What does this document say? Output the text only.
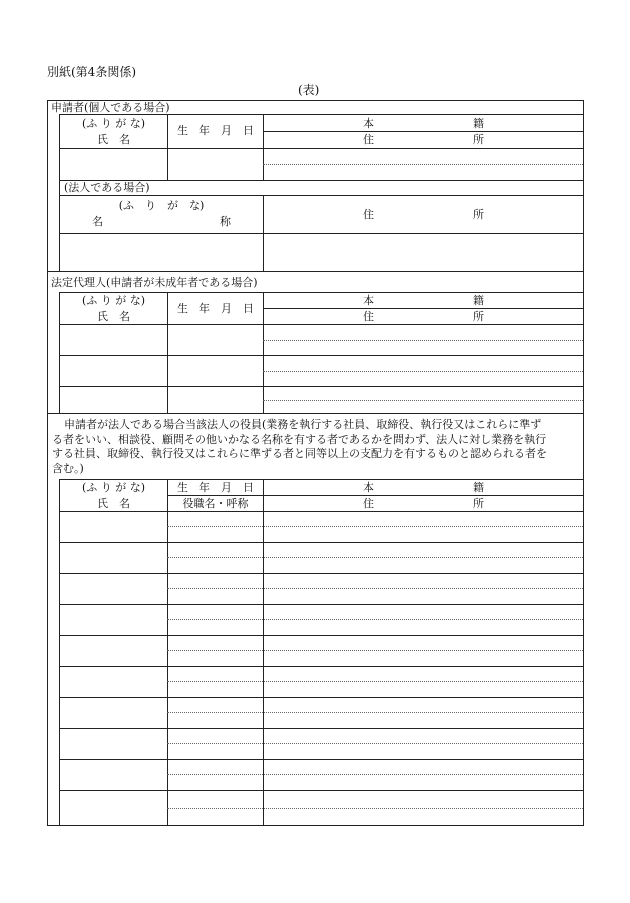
別紙(第4条関係)
(表)
申請者(個人である場合)
(ふ り が な)
氏　名
生　年　月　日
本　　　　　　　　　籍
住　　　　　　　　　所
(法人である場合)
(ふ　り　が　な)
名	称
住　　　　　　　　　所
法定代理人(申請者が未成年者である場合)
(ふ り が な)
氏　名
生　年　月　日
本　　　　　　　　　籍
住　　　　　　　　　所
申請者が法人である場合当該法人の役員(業務を執行する社員、取締役、執行役又はこれらに準ず
る者をいい、相談役、顧問その他いかなる名称を有する者であるかを問わず、法人に対し業務を執行
する社員、取締役、執行役又はこれらに準ずる者と同等以上の支配力を有するものと認められる者を
含む。)
(ふ り が な)
氏　名
生　年　月　日
役職名・呼称
本　　　　　　　　　籍
住　　　　　　　　　所
